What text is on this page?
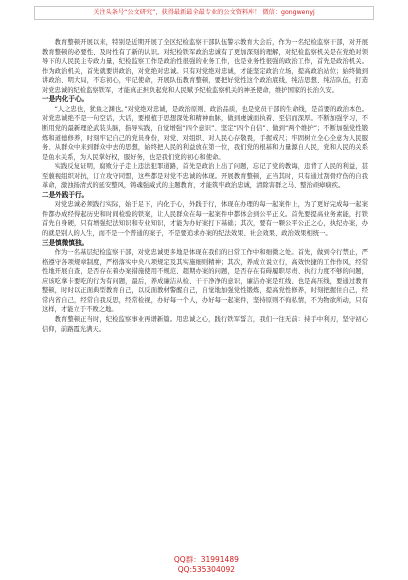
关注头条号“公文研究”，获得最新最全最专业的公文资料库！ 微信：gongwenyj

教育整顿开展以来，特别是近期开展了全区纪检监察干部队伍警示教育大会后，作为一名纪检监察干部，对开展教育整顿的必要性、及时性有了新的认识。对纪检铁军政治忠诚有了更加深刻的理解，对纪检监察机关是在党绝对领导下的人民民主专政力量，纪检监察工作是政治性很强的业务工作，也是业务性很强的政治工作，首先是政治机关。作为政治机关，首先就要讲政治，对党绝对忠诚。只有对党绝对忠诚，才能坚定政治立场，提高政治站位；始终做到讲政治、明大局，不忘初心，牢记使命，开展队伍教育整顿，要把好党性这个政治底线，纯洁思想、纯洁队伍，打造对党忠诚的纪检监察铁军，才能真正担负起党和人民赋予纪检监察机关的神圣使命，维护国家的长治久安。

一是内化于心。

“人之忠也，犹鱼之渊也。”对党绝对忠诚，是政治原则、政治品质，也是党员干部的生命线，是首要的政治本色。对党忠诚绝不是一句空话，大话，要根植于思想深处和精神血脉，做到虔诚而执着、至信而深厚。不断加强学习，不断用党的最新理论武装头脑，指导实践，自觉增强“四个意识”、坚定“四个自信”、做到“两个维护”；不断加强党性锻炼和道德修养，时刻牢记自己的党员身份，对党、对组织、对人民心存敬畏，手握戒尺；牢固树立全心全意为人民服务、从群众中来到群众中去的思想，始终把人民的利益放在第一位，我们党的根基和力量源自人民，党和人民的关系是鱼水关系，为人民掌好权，服好务，也是我们党的初心和使命。

实践反复证明，腐败分子走上违法犯罪道路，首先是政治上出了问题，忘记了党的教诲，违背了人民的利益，甚至藐视组织对抗，订立攻守同盟，这些都是对党不忠诚的体现。开展教育整顿，正当其时，只有通过刮骨疗伤的自我革命，激浊扬清式的延安整风，铸魂强威式的主题教育，才能筑牢政治忠诚，清除害群之马、整治顽瘴痼疾。

二是外践于行。

对党忠诚必须践行实际，始于足下，内化于心，外践于行，体现在办理的每一起案件上，为了更好完成每一起案件都办成经得起历史和时间检验的铁案，让人民群众在每一起案件中都体会到公平正义。首先要提高业务素能，打铁首先自身硬，只有增强纪法知识和专业知识，才能为办好案打下基础；其次，要有一颗公平公正之心，执纪办案，办的就是别人的人生，而不是一个普通的案子，不是要追求办案的纪法效果、社会效果、政治效果相统一。

三是慎微慎独。

作为一名基层纪检监察干部，对党忠诚更多地是体现在我们的日常工作中和细微之处。首先，做到令行禁止，严格遵守各项规章制度，严格落实中央八项规定及其实施细则精神；其次，养成立说立行，高效快捷的工作作风，经常性地开展自查，是否存在着办案措施使用不规范、超期办案的问题，是否存在有碍履职尽责、执行力度不够的问题，应该吃拿卡要吃的行为有问题，最后，养成廉洁从检、干干净净的意识，廉洁办案是红线、也是高压线，要通过教育整顿，时时以正面典型教育自己，以反面教材警醒自己，自觉地加强党性锻炼，提高党性修养，时刻把握住自己，经常内省自己，经常自我反思，经常检视，办好每一个人，办好每一起案件，坚持原则不徇私情，不为物欲所动，只有这样，才能立于不败之地。

教育整顿正当时，纪检监察事业再谱新篇。用忠诚之心，践行铁军誓言，我们一往无前：持手中利刃，坚守初心信仰，前路霞光满天。

QQ群：31991489
QQ:535304092
